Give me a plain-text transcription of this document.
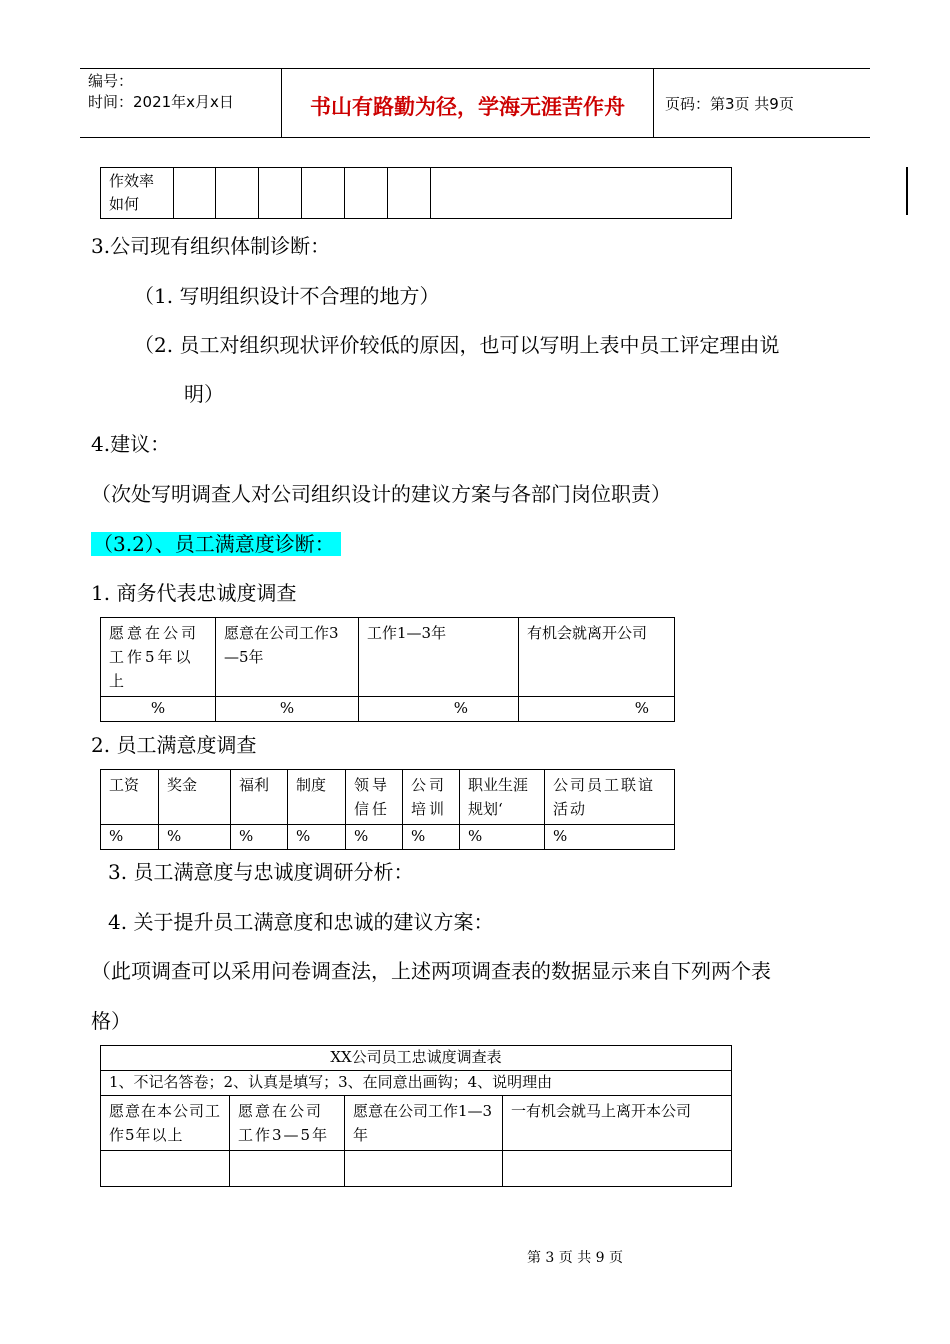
编号：
时间：2021年x月x日	书山有路勤为径，学海无涯苦作舟	页码：第3页 共9页
作效率如何							
3.公司现有组织体制诊断：
（1. 写明组织设计不合理的地方）
（2. 员工对组织现状评价较低的原因，也可以写明上表中员工评定理由说
明）
4.建议：
（次处写明调查人对公司组织设计的建议方案与各部门岗位职责）
（3.2）、员工满意度诊断：
1. 商务代表忠诚度调查
愿意在公司工作5年以上	愿意在公司工作3—5年	工作1—3年	有机会就离开公司
%	%	%	%
2. 员工满意度调查
工资	奖金	福利	制度	领导信任	公司培训	职业生涯规划‘	公司员工联谊活动
%	%	%	%	%	%	%	%
3. 员工满意度与忠诚度调研分析：
4. 关于提升员工满意度和忠诚的建议方案：
（此项调查可以采用问卷调查法，上述两项调查表的数据显示来自下列两个表
格）
XX公司员工忠诚度调查表			
1、不记名答卷；2、认真是填写；3、在同意出画钩；4、说明理由			
愿意在本公司工作5年以上	愿意在公司工作3—5年	愿意在公司工作1—3年	一有机会就马上离开本公司

第 3 页 共 9 页
